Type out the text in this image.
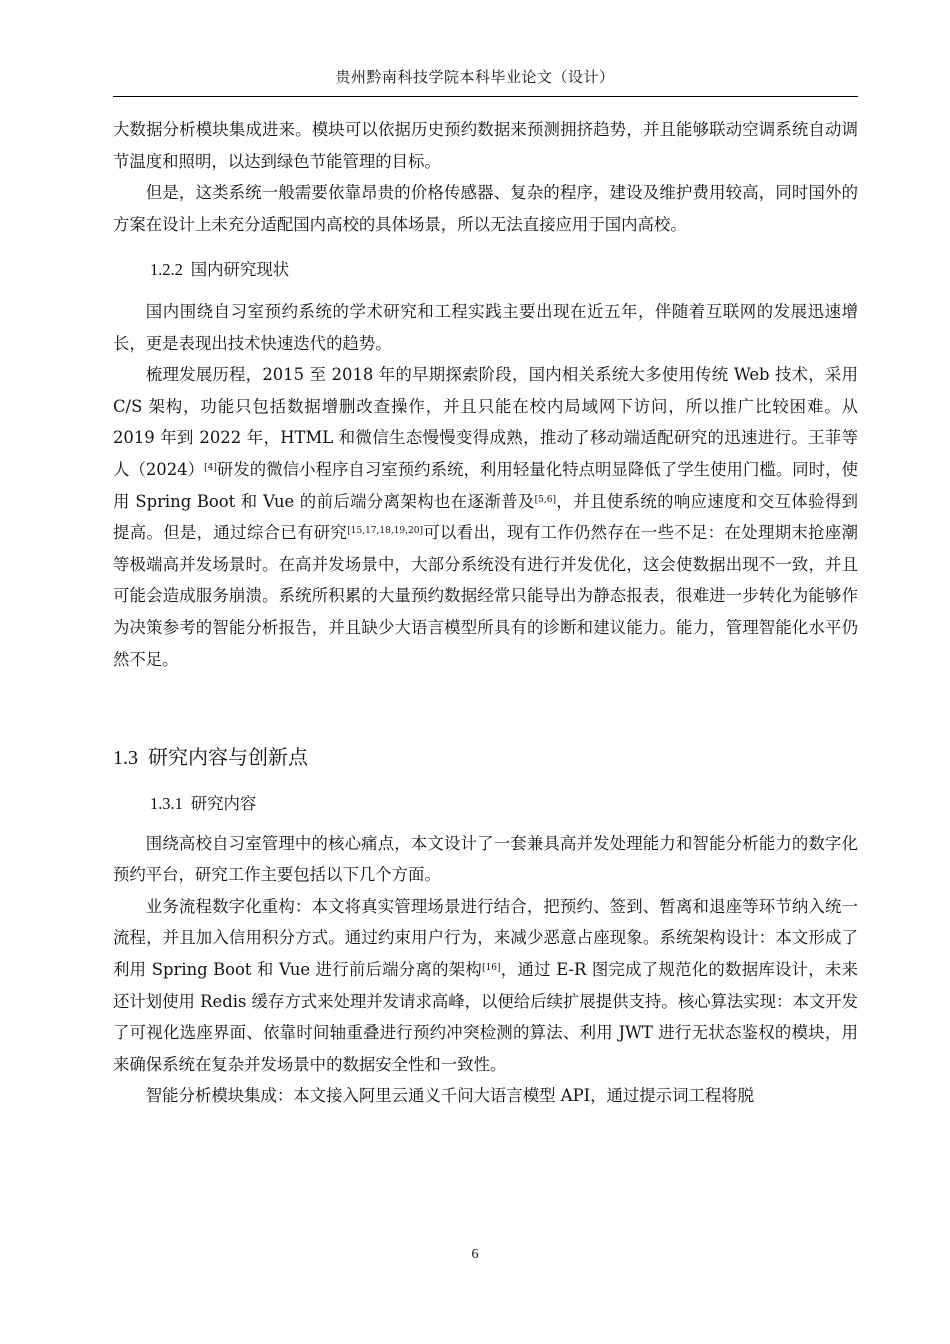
贵州黔南科技学院本科毕业论文（设计）

大数据分析模块集成进来。模块可以依据历史预约数据来预测拥挤趋势，并且能够联动空调系统自动调节温度和照明，以达到绿色节能管理的目标。

但是，这类系统一般需要依靠昂贵的价格传感器、复杂的程序，建设及维护费用较高，同时国外的方案在设计上未充分适配国内高校的具体场景，所以无法直接应用于国内高校。

1.2.2 国内研究现状

国内围绕自习室预约系统的学术研究和工程实践主要出现在近五年，伴随着互联网的发展迅速增长，更是表现出技术快速迭代的趋势。

梳理发展历程，2015 至 2018 年的早期探索阶段，国内相关系统大多使用传统 Web 技术，采用 C/S 架构，功能只包括数据增删改查操作，并且只能在校内局域网下访问，所以推广比较困难。从 2019 年到 2022 年，HTML 和微信生态慢慢变得成熟，推动了移动端适配研究的迅速进行。王菲等人（2024）[4]研发的微信小程序自习室预约系统，利用轻量化特点明显降低了学生使用门槛。同时，使用 Spring Boot 和 Vue 的前后端分离架构也在逐渐普及[5,6]，并且使系统的响应速度和交互体验得到提高。但是，通过综合已有研究[15,17,18,19,20]可以看出，现有工作仍然存在一些不足：在处理期末抢座潮等极端高并发场景时。在高并发场景中，大部分系统没有进行并发优化，这会使数据出现不一致，并且可能会造成服务崩溃。系统所积累的大量预约数据经常只能导出为静态报表，很难进一步转化为能够作为决策参考的智能分析报告，并且缺少大语言模型所具有的诊断和建议能力。能力，管理智能化水平仍然不足。

1.3 研究内容与创新点
1.3.1 研究内容

围绕高校自习室管理中的核心痛点，本文设计了一套兼具高并发处理能力和智能分析能力的数字化预约平台，研究工作主要包括以下几个方面。

业务流程数字化重构：本文将真实管理场景进行结合，把预约、签到、暂离和退座等环节纳入统一流程，并且加入信用积分方式。通过约束用户行为，来减少恶意占座现象。系统架构设计：本文形成了利用 Spring Boot 和 Vue 进行前后端分离的架构[16]，通过 E-R 图完成了规范化的数据库设计，未来还计划使用 Redis 缓存方式来处理并发请求高峰，以便给后续扩展提供支持。核心算法实现：本文开发了可视化选座界面、依靠时间轴重叠进行预约冲突检测的算法、利用 JWT 进行无状态鉴权的模块，用来确保系统在复杂并发场景中的数据安全性和一致性。

智能分析模块集成：本文接入阿里云通义千问大语言模型 API，通过提示词工程将脱

6
